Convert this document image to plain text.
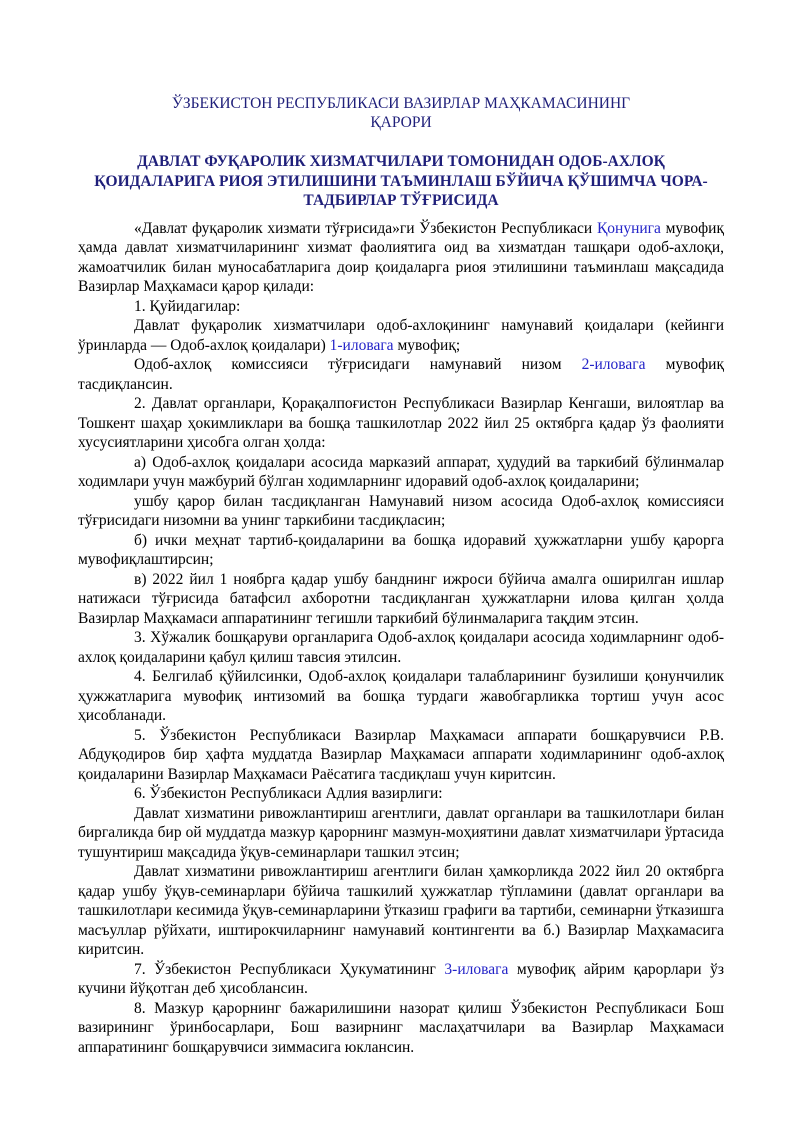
ЎЗБЕКИСТОН РЕСПУБЛИКАСИ ВАЗИРЛАР МАҲКАМАСИНИНГ
ҚАРОРИ
ДАВЛАТ ФУҚАРОЛИК ХИЗМАТЧИЛАРИ ТОМОНИДАН ОДОБ-АХЛОҚ ҚОИДАЛАРИГА РИОЯ ЭТИЛИШИНИ ТАЪМИНЛАШ БЎЙИЧА ҚЎШИМЧА ЧОРА-ТАДБИРЛАР ТЎҒРИСИДА

«Давлат фуқаролик хизмати тўғрисида»ги Ўзбекистон Республикаси Қонунига мувофиқ ҳамда давлат хизматчиларининг хизмат фаолиятига оид ва хизматдан ташқари одоб-ахлоқи, жамоатчилик билан муносабатларига доир қоидаларга риоя этилишини таъминлаш мақсадида Вазирлар Маҳкамаси қарор қилади:

1. Қуйидагилар:

Давлат фуқаролик хизматчилари одоб-ахлоқининг намунавий қоидалари (кейинги ўринларда — Одоб-ахлоқ қоидалари) 1-иловага мувофиқ;

Одоб-ахлоқ комиссияси тўғрисидаги намунавий низом 2-иловага мувофиқ тасдиқлансин.

2. Давлат органлари, Қорақалпоғистон Республикаси Вазирлар Кенгаши, вилоятлар ва Тошкент шаҳар ҳокимликлари ва бошқа ташкилотлар 2022 йил 25 октябрга қадар ўз фаолияти хусусиятларини ҳисобга олган ҳолда:

а) Одоб-ахлоқ қоидалари асосида марказий аппарат, ҳудудий ва таркибий бўлинмалар ходимлари учун мажбурий бўлган ходимларнинг идоравий одоб-ахлоқ қоидаларини;

ушбу қарор билан тасдиқланган Намунавий низом асосида Одоб-ахлоқ комиссияси тўғрисидаги низомни ва унинг таркибини тасдиқласин;

б) ички меҳнат тартиб-қоидаларини ва бошқа идоравий ҳужжатларни ушбу қарорга мувофиқлаштирсин;

в) 2022 йил 1 ноябрга қадар ушбу банднинг ижроси бўйича амалга оширилган ишлар натижаси тўғрисида батафсил ахборотни тасдиқланган ҳужжатларни илова қилган ҳолда Вазирлар Маҳкамаси аппаратининг тегишли таркибий бўлинмаларига тақдим этсин.

3. Хўжалик бошқаруви органларига Одоб-ахлоқ қоидалари асосида ходимларнинг одоб-ахлоқ қоидаларини қабул қилиш тавсия этилсин.

4. Белгилаб қўйилсинки, Одоб-ахлоқ қоидалари талабларининг бузилиши қонунчилик ҳужжатларига мувофиқ интизомий ва бошқа турдаги жавобгарликка тортиш учун асос ҳисобланади.

5. Ўзбекистон Республикаси Вазирлар Маҳкамаси аппарати бошқарувчиси Р.В. Абдуқодиров бир ҳафта муддатда Вазирлар Маҳкамаси аппарати ходимларининг одоб-ахлоқ қоидаларини Вазирлар Маҳкамаси Раёсатига тасдиқлаш учун киритсин.

6. Ўзбекистон Республикаси Адлия вазирлиги:

Давлат хизматини ривожлантириш агентлиги, давлат органлари ва ташкилотлари билан биргаликда бир ой муддатда мазкур қарорнинг мазмун-моҳиятини давлат хизматчилари ўртасида тушунтириш мақсадида ўқув-семинарлари ташкил этсин;

Давлат хизматини ривожлантириш агентлиги билан ҳамкорликда 2022 йил 20 октябрга қадар ушбу ўқув-семинарлари бўйича ташкилий ҳужжатлар тўпламини (давлат органлари ва ташкилотлари кесимида ўқув-семинарларини ўтказиш графиги ва тартиби, семинарни ўтказишга масъуллар рўйхати, иштирокчиларнинг намунавий контингенти ва б.) Вазирлар Маҳкамасига киритсин.

7. Ўзбекистон Республикаси Ҳукуматининг 3-иловага мувофиқ айрим қарорлари ўз кучини йўқотган деб ҳисоблансин.

8. Мазкур қарорнинг бажарилишини назорат қилиш Ўзбекистон Республикаси Бош вазирининг ўринбосарлари, Бош вазирнинг маслаҳатчилари ва Вазирлар Маҳкамаси аппаратининг бошқарувчиси зиммасига юклансин.
